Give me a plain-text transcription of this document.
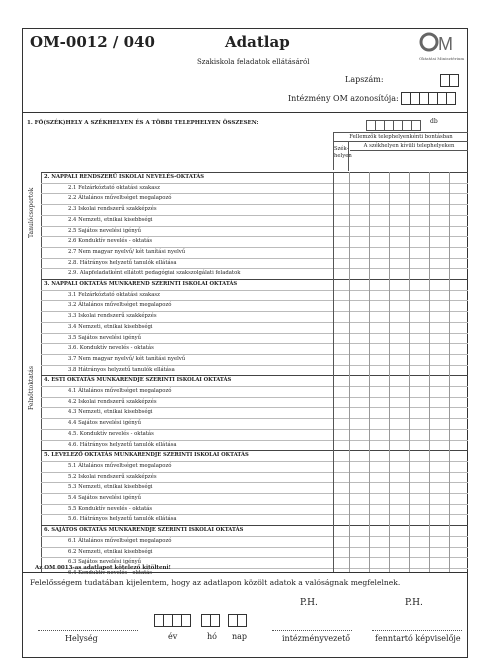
OM-0012 / 040	Adatlap
Szakiskola feladatok ellátásáról
M
Oktatási Minisztérium
Lapszám:
Intézmény OM azonosítója:
1. FŐ(SZÉK)HELY A SZÉKHELYEN ÉS A TÖBBI TELEPHELYEN ÖSSZESEN:	db
Fellemzők telephelyenkénti bontásban
Szék-helyen
A székhelyen kívüli telephelyeken
Tanulócsoportok
Felnőttoktatás
2. NAPPALI RENDSZERŰ ISKOLAI NEVELÉS-OKTATÁS
2.1 Felzárkóztató oktatási szakasz
2.2 Általános műveltséget megalapozó
2.3 Iskolai rendszerű szakképzés
2.4 Nemzeti, etnikai kisebbségi
2.5 Sajátos nevelési igényű
2.6 Konduktív nevelés - oktatás
2.7 Nem magyar nyelvű/ két tanítási nyelvű
2.8. Hátrányos helyzetű tanulók ellátása
2.9. Alapfeladatként ellátott pedagógiai szakszolgálati feladatok
3. NAPPALI OKTATÁS MUNKAREND SZERINTI ISKOLAI OKTATÁS
3.1 Felzárkóztató oktatási szakasz
3.2 Általános műveltséget megalapozó
3.3 Iskolai rendszerű szakképzés
3.4 Nemzeti, etnikai kisebbségi
3.5 Sajátos nevelési igényű
3.6. Konduktív nevelés - oktatás
3.7 Nem magyar nyelvű/ két tanítási nyelvű
3.8 Hátrányos helyzetű tanulók ellátása
4. ESTI OKTATÁS MUNKARENDJE SZERINTI ISKOLAI OKTATÁS
4.1 Általános műveltséget megalapozó
4.2 Iskolai rendszerű szakképzés
4.3 Nemzeti, etnikai kisebbségi
4.4 Sajátos nevelési igényű
4.5. Konduktív nevelés - oktatás
4.6. Hátrányos helyzetű tanulók ellátása
5. LEVELEZŐ OKTATÁS MUNKARENDJE SZERINTI ISKOLAI OKTATÁS
5.1 Általános műveltséget megalapozó
5.2 Iskolai rendszerű szakképzés
5.3 Nemzeti, etnikai kisebbségi
5.4 Sajátos nevelési igényű
5.5 Konduktív nevelés - oktatás
5.6. Hátrányos helyzetű tanulók ellátása
6. SAJÁTOS OKTATÁS MUNKARENDJE SZERINTI ISKOLAI OKTATÁS
6.1 Általános műveltséget megalapozó
6.2 Nemzeti, etnikai kisebbségi
6.3 Sajátos nevelési igényű
6.4 Konduktív nevelés - oktatás
Az OM 0013-as adatlapot kötelező kitölteni!
Felelősségem tudatában kijelentem, hogy az adatlapon közölt adatok a valóságnak megfelelnek.
P.H.	P.H.
Helység	év	hó nap	intézményvezető	fenntartó képviselője
